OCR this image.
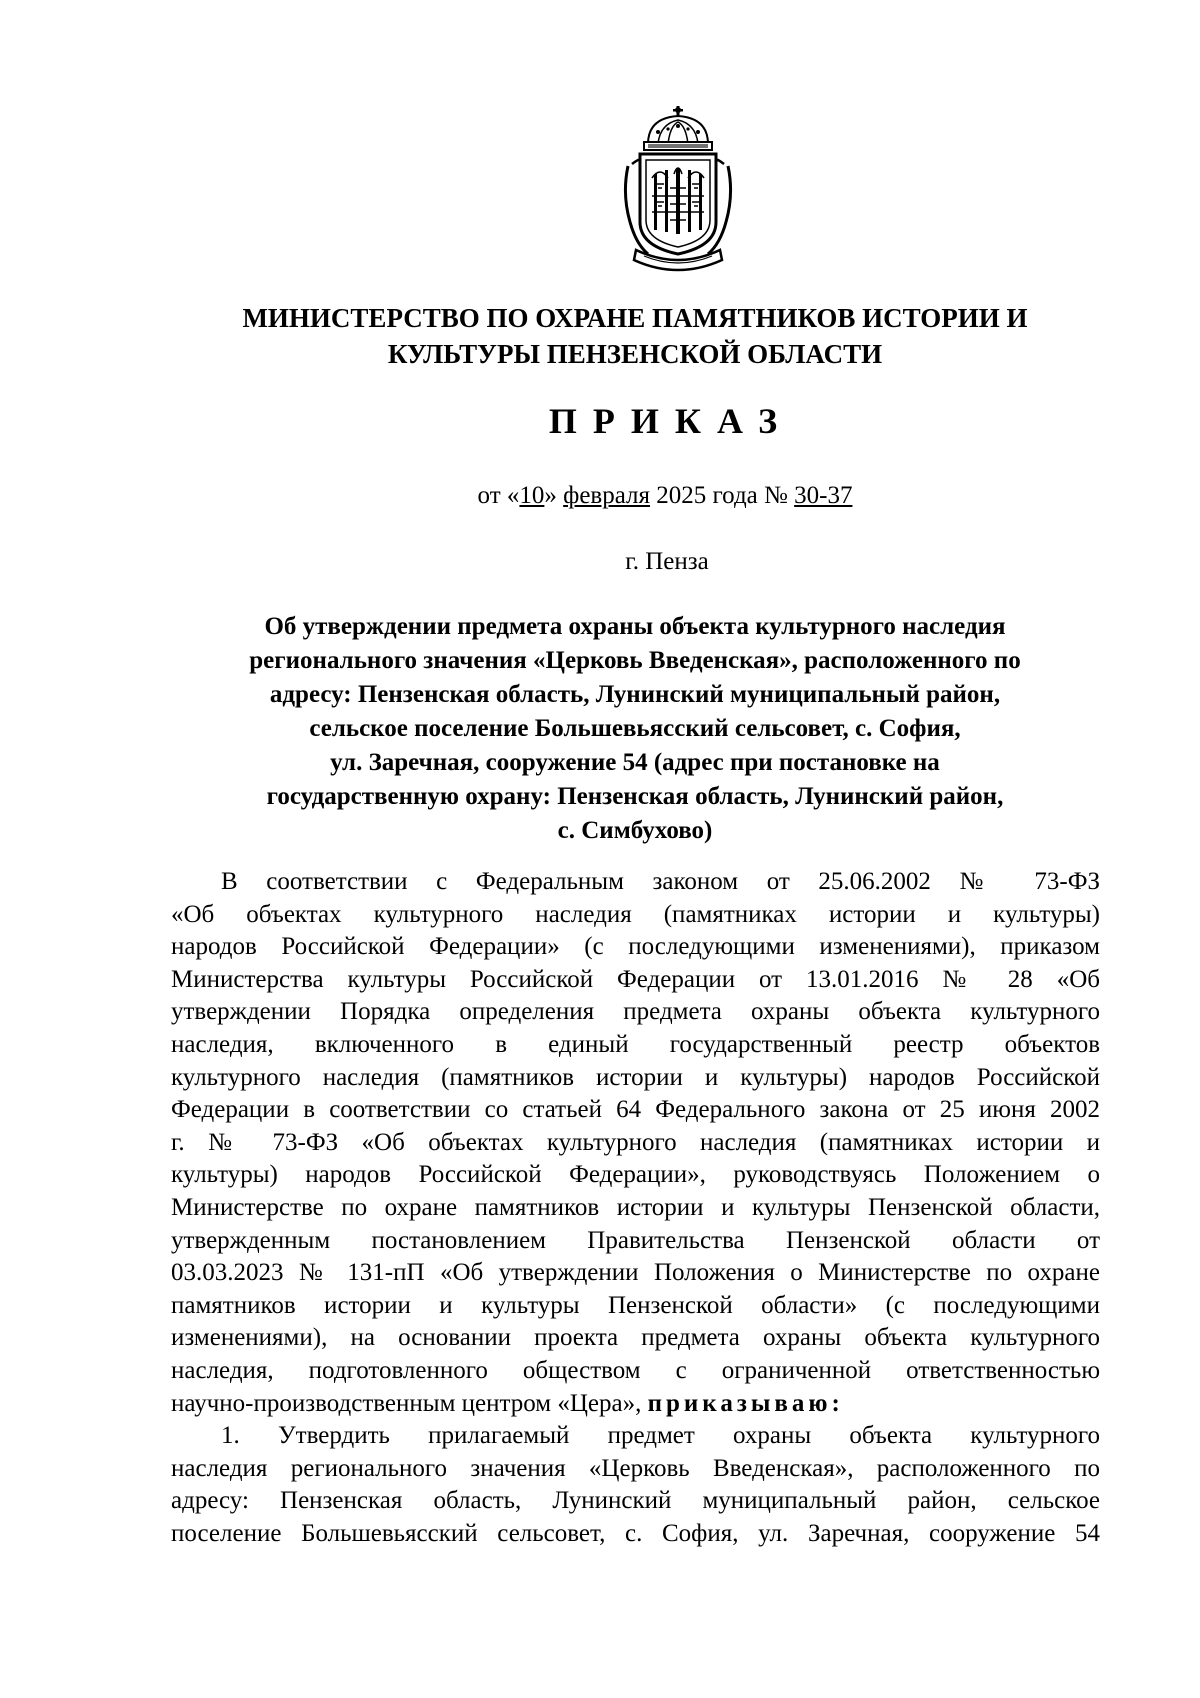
МИНИСТЕРСТВО ПО ОХРАНЕ ПАМЯТНИКОВ ИСТОРИИ И
КУЛЬТУРЫ ПЕНЗЕНСКОЙ ОБЛАСТИ
ПРИКАЗ
от «10» февраля 2025 года № 30-37
г. Пенза
Об утверждении предмета охраны объекта культурного наследия
регионального значения «Церковь Введенская», расположенного по
адресу: Пензенская область, Лунинский муниципальный район,
сельское поселение Большевьясский сельсовет, с. София,
ул. Заречная, сооружение 54 (адрес при постановке на
государственную охрану: Пензенская область, Лунинский район,
с. Симбухово)
В соответствии с Федеральным законом от 25.06.2002 № 73-ФЗ
«Об объектах культурного наследия (памятниках истории и культуры)
народов Российской Федерации» (с последующими изменениями), приказом
Министерства культуры Российской Федерации от 13.01.2016 № 28 «Об
утверждении Порядка определения предмета охраны объекта культурного
наследия, включенного в единый государственный реестр объектов
культурного наследия (памятников истории и культуры) народов Российской
Федерации в соответствии со статьей 64 Федерального закона от 25 июня 2002
г. № 73-ФЗ «Об объектах культурного наследия (памятниках истории и
культуры) народов Российской Федерации», руководствуясь Положением о
Министерстве по охране памятников истории и культуры Пензенской области,
утвержденным постановлением Правительства Пензенской области от
03.03.2023 № 131-пП «Об утверждении Положения о Министерстве по охране
памятников истории и культуры Пензенской области» (с последующими
изменениями), на основании проекта предмета охраны объекта культурного
наследия, подготовленного обществом с ограниченной ответственностью
научно-производственным центром «Цера», приказываю:
1. Утвердить прилагаемый предмет охраны объекта культурного
наследия регионального значения «Церковь Введенская», расположенного по
адресу: Пензенская область, Лунинский муниципальный район, сельское
поселение Большевьясский сельсовет, с. София, ул. Заречная, сооружение 54
